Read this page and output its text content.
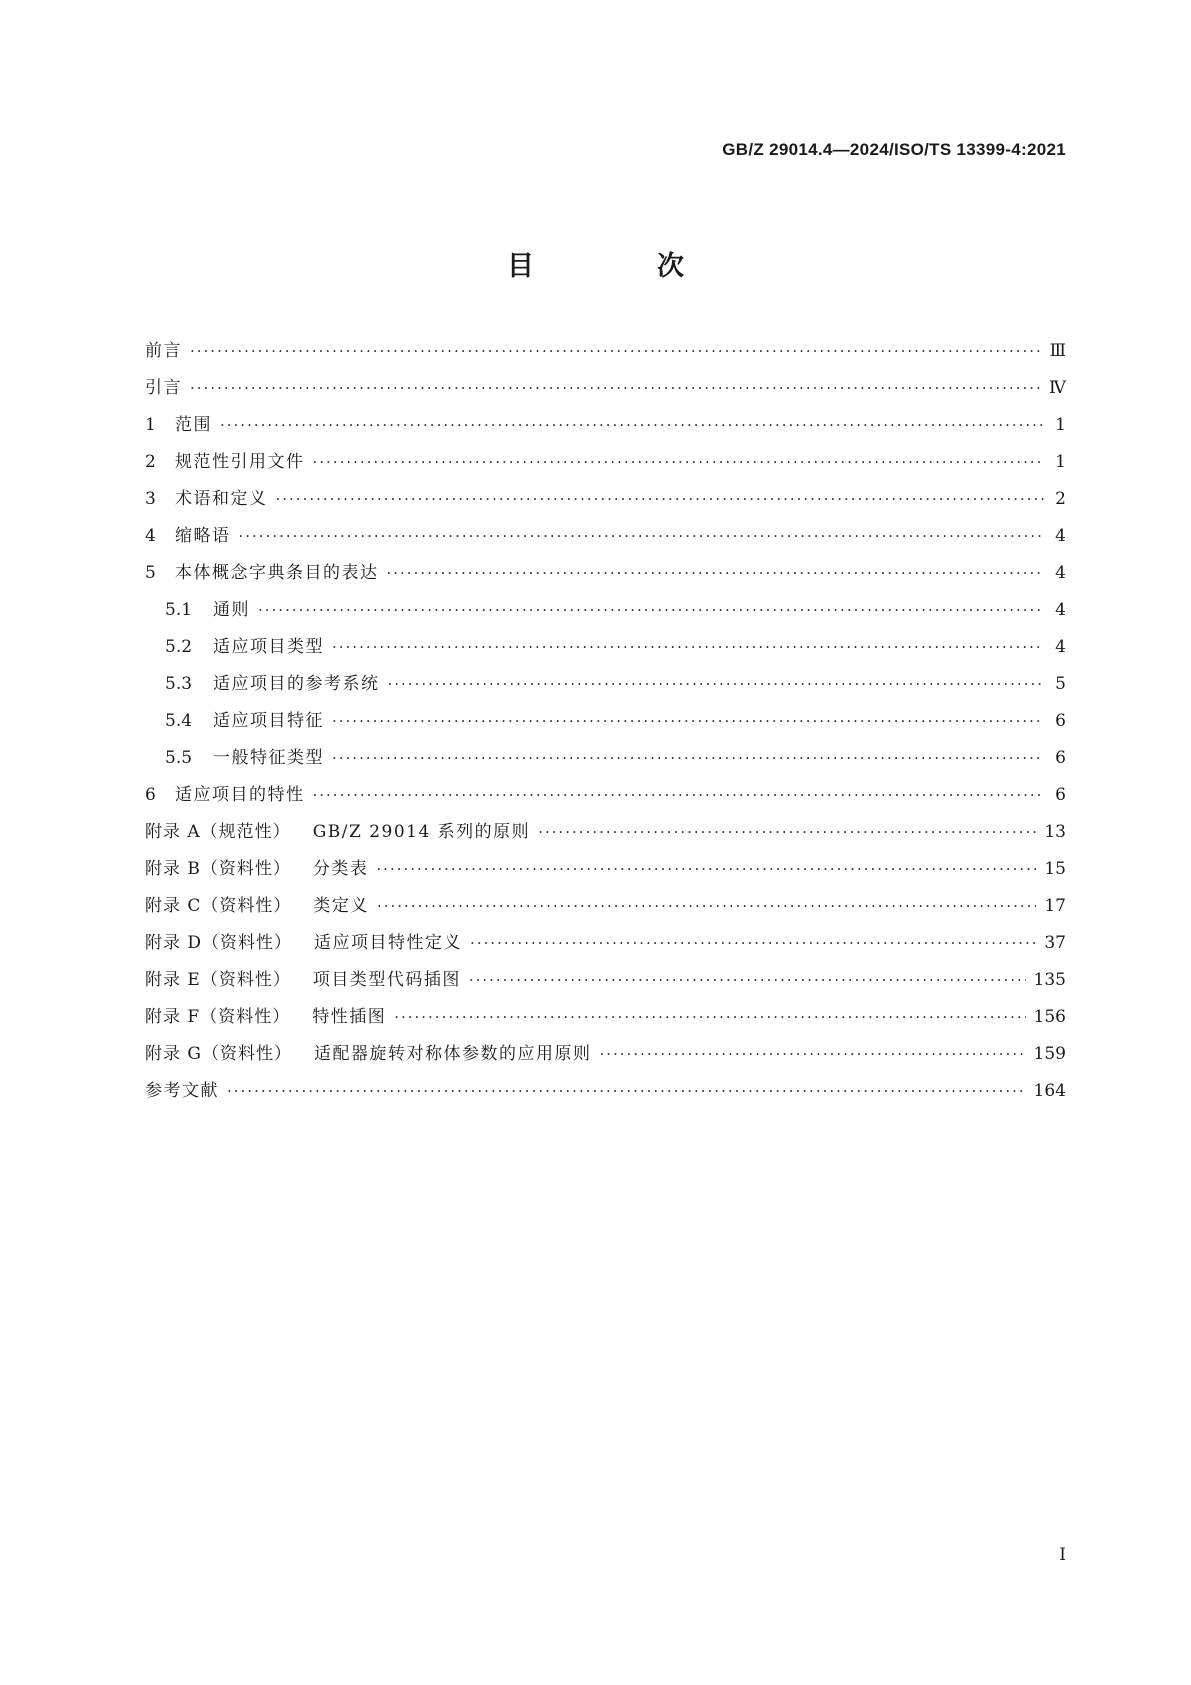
GB/Z 29014.4—2024/ISO/TS 13399-4:2021
目　次
前言 ·····	Ⅲ
引言 ·····	Ⅳ
1	范围 ·····	1
2	规范性引用文件 ·····	1
3	术语和定义 ·····	2
4	缩略语 ·····	4
5	本体概念字典条目的表达 ·····	4
5.1	通则 ·····	4
5.2	适应项目类型 ·····	4
5.3	适应项目的参考系统 ·····	5
5.4	适应项目特征 ·····	6
5.5	一般特征类型 ·····	6
6	适应项目的特性 ·····	6
附录 A（规范性） GB/Z 29014 系列的原则 ·····	13
附录 B（资料性） 分类表 ·····	15
附录 C（资料性） 类定义 ·····	17
附录 D（资料性） 适应项目特性定义 ·····	37
附录 E（资料性） 项目类型代码插图 ·····	135
附录 F（资料性） 特性插图 ·····	156
附录 G（资料性） 适配器旋转对称体参数的应用原则 ·····	159
参考文献 ·····	164
I
